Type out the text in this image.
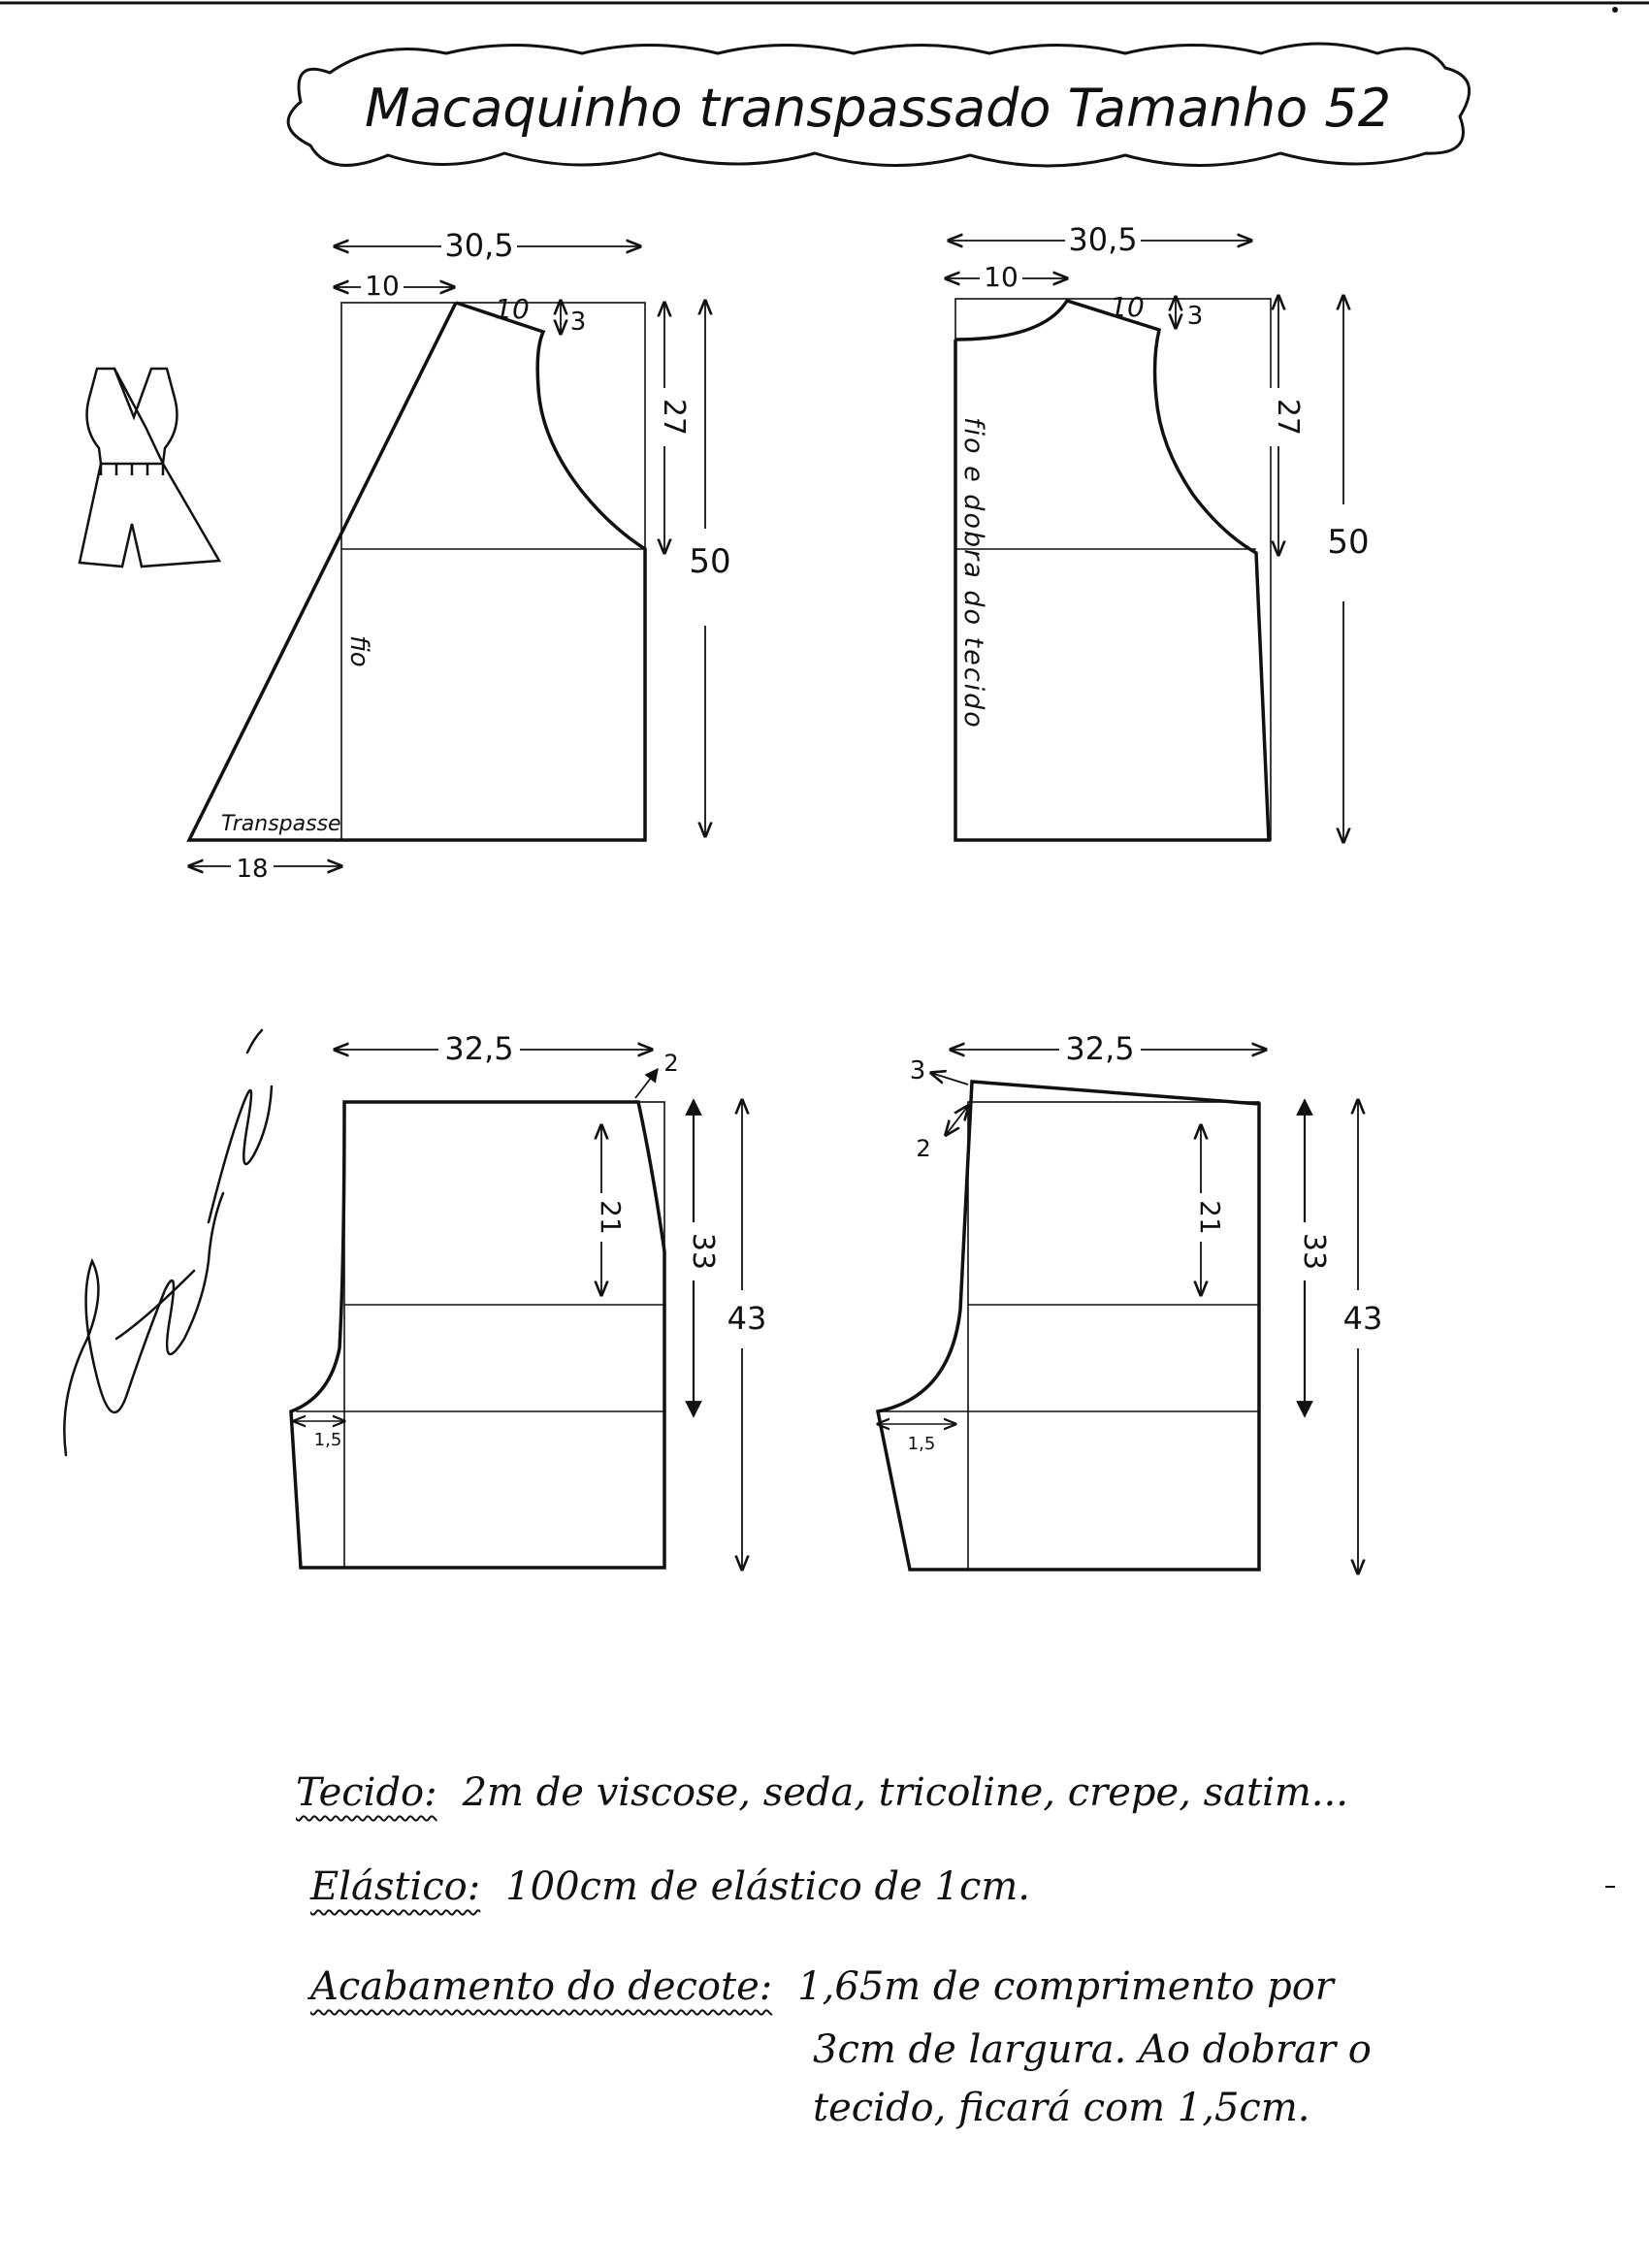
Macaquinho transpassado Tamanho 52
30,5
10
10 3
27
50
fio
Transpasse
18
30,5
10
10 3
27
50
fio e dobra do tecido
32,5	2
21
33
43
1,5
32,5
3
2
21
33
43
1,5
Tecido: 2m de viscose, seda, tricoline, crepe, satim...
Elástico: 100cm de elástico de 1cm.
Acabamento do decote: 1,65m de comprimento por
3cm de largura. Ao dobrar o
tecido, ficará com 1,5cm.
